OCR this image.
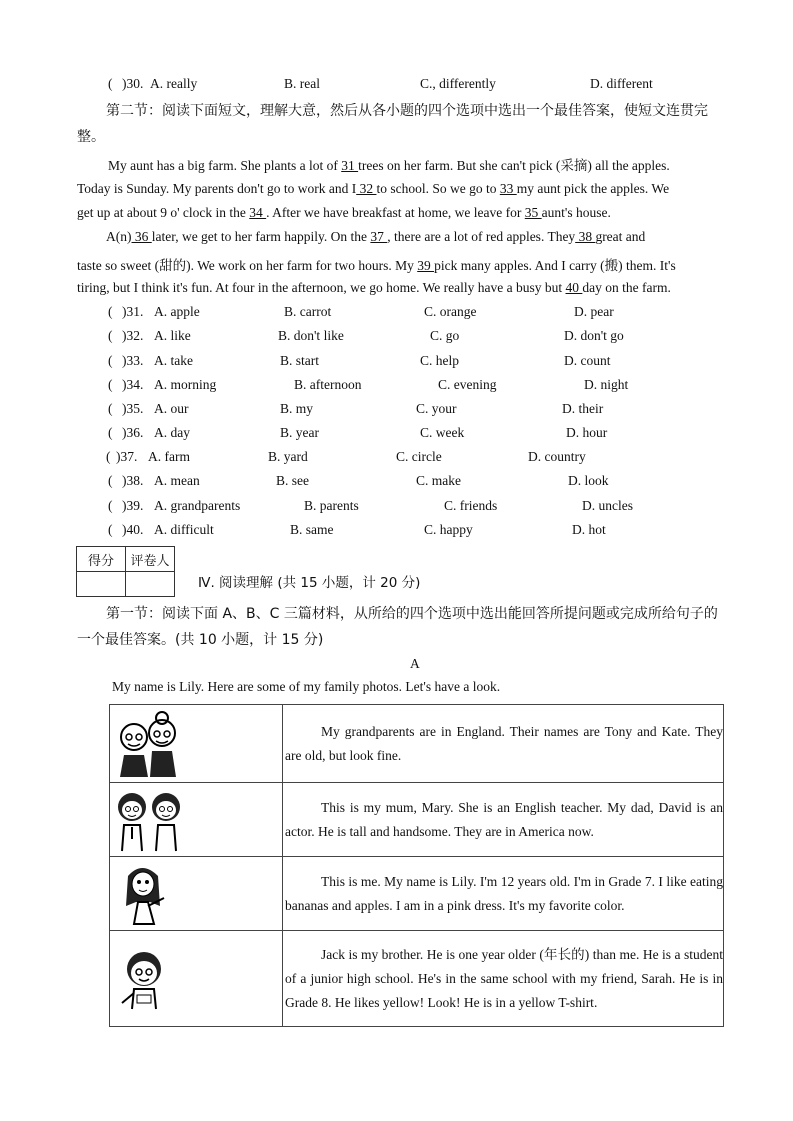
( )30. A. really	B. real	C., differently	D. different
第二节：阅读下面短文，理解大意，然后从各小题的四个选项中选出一个最佳答案，使短文连贯完
整。
My aunt has a big farm. She plants a lot of 31 trees on her farm. But she can't pick (采摘) all the apples.
Today is Sunday. My parents don't go to work and I 32 to school. So we go to 33 my aunt pick the apples. We
get up at about 9 o' clock in the 34 . After we have breakfast at home, we leave for 35 aunt's house.
A(n) 36 later, we get to her farm happily. On the 37 , there are a lot of red apples. They 38 great and
taste so sweet (甜的). We work on her farm for two hours. My 39 pick many apples. And I carry (搬) them. It's
tiring, but I think it's fun. At four in the afternoon, we go home. We really have a busy but 40 day on the farm.
( )31. A. apple	B. carrot	C. orange	D. pear
( )32. A. like	B. don't like	C. go	D. don't go
( )33. A. take	B. start	C. help	D. count
( )34. A. morning	B. afternoon	C. evening	D. night
( )35. A. our	B. my	C. your	D. their
( )36. A. day	B. year	C. week	D. hour
( )37. A. farm	B. yard	C. circle	D. country
( )38. A. mean	B. see	C. make	D. look
( )39. A. grandparents	B. parents	C. friends	D. uncles
( )40. A. difficult	B. same	C. happy	D. hot
得分	评卷人

Ⅳ. 阅读理解 (共 15 小题，计 20 分)
第一节：阅读下面 A、B、C 三篇材料，从所给的四个选项中选出能回答所提问题或完成所给句子的
一个最佳答案。(共 10 小题，计 15 分)
A
My name is Lily. Here are some of my family photos. Let's have a look.

My grandparents are in England. Their names are Tony and Kate. They are old, but look fine.

This is my mum, Mary. She is an English teacher. My dad, David is an actor. He is tall and handsome. They are in America now.

This is me. My name is Lily. I'm 12 years old. I'm in Grade 7. I like eating bananas and apples. I am in a pink dress. It's my favorite color.

Jack is my brother. He is one year older (年长的) than me. He is a student of a junior high school. He's in the same school with my friend, Sarah. He is in Grade 8. He likes yellow! Look! He is in a yellow T-shirt.
